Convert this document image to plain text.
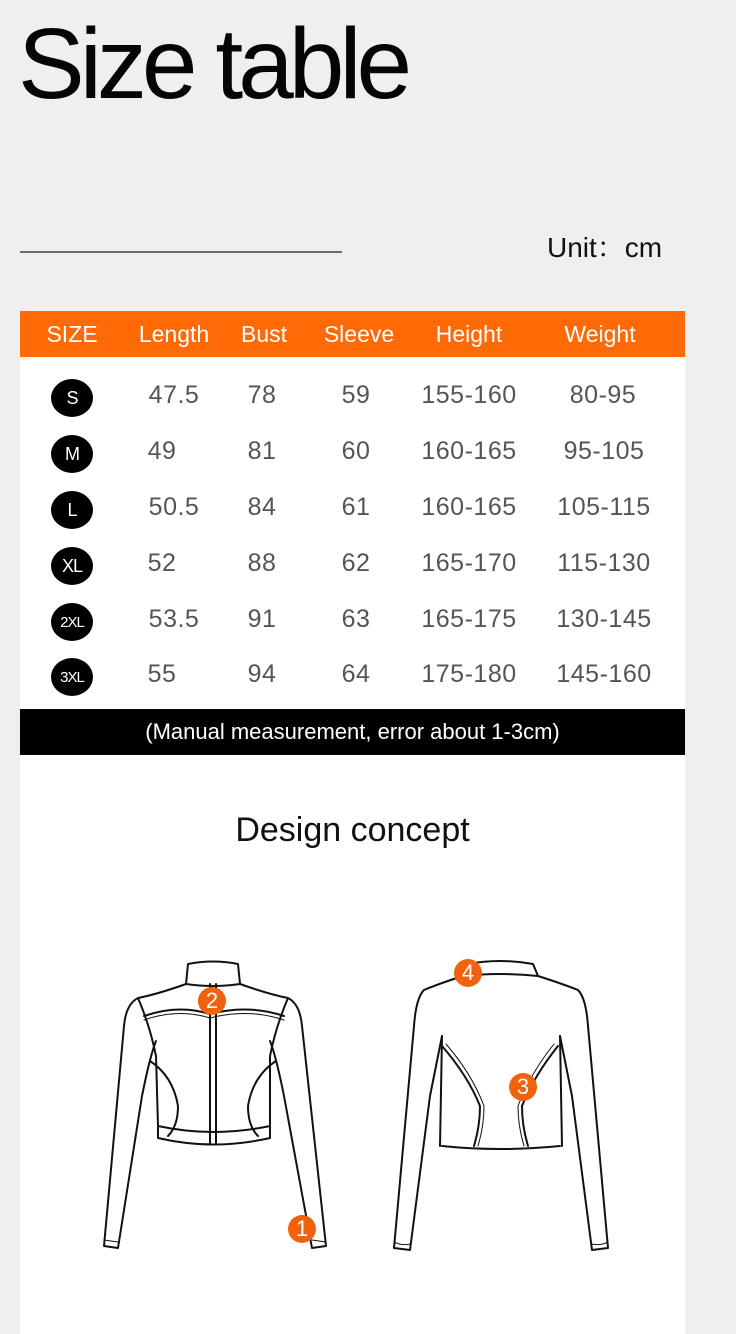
Size table
Unit：cm
SIZE Length Bust Sleeve Height	Weight
S	47.5 78	59 155-160 80-95
M	49	81	60 160-165 95-105
L	50.5 84	61 160-165 105-115
XL	52	88	62 165-170 115-130
2XL	53.5 91	63 165-175 130-145
3XL	55	94	64 175-180 145-160
(Manual measurement, error about 1-3cm)
Design concept
2
1
4
3
